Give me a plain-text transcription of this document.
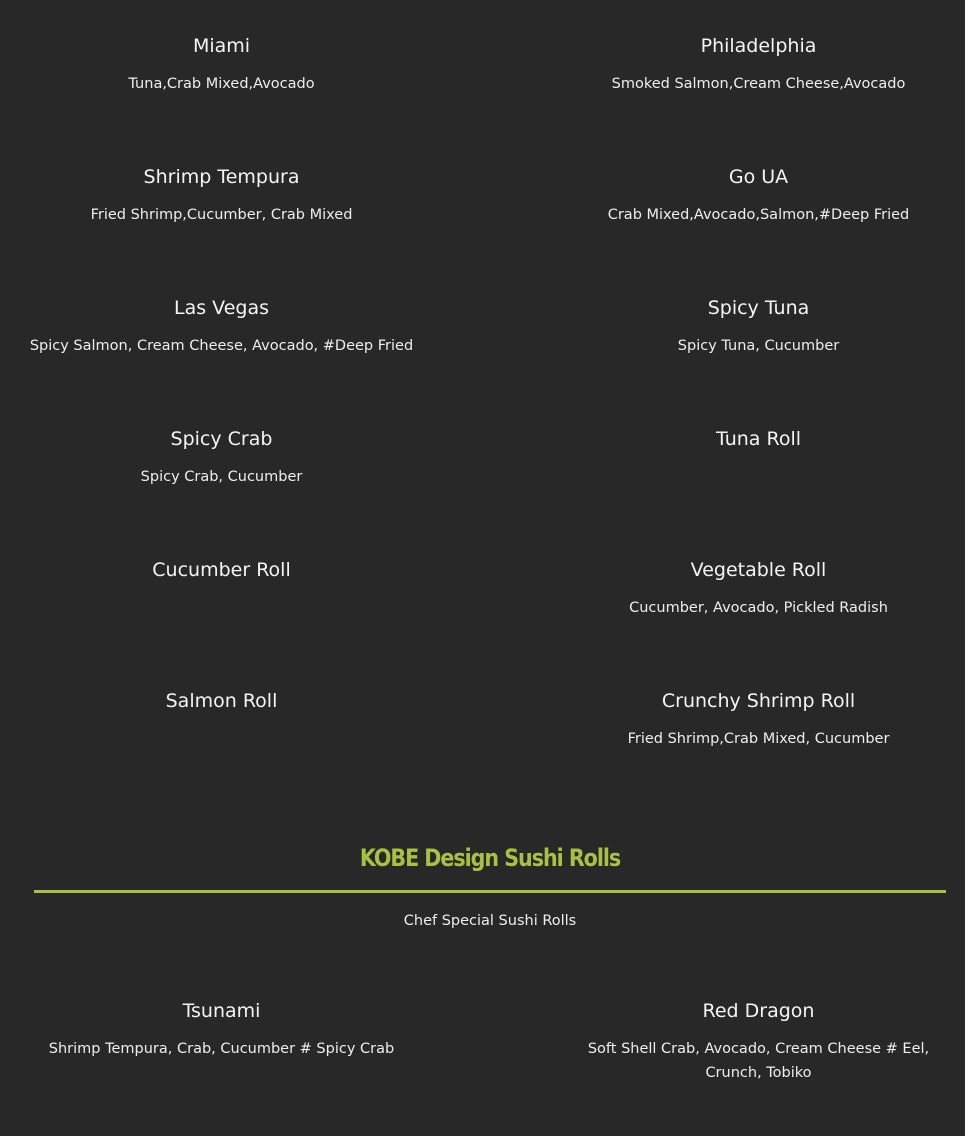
Miami
Tuna,Crab Mixed,Avocado
Philadelphia
Smoked Salmon,Cream Cheese,Avocado
Shrimp Tempura
Fried Shrimp,Cucumber, Crab Mixed
Go UA
Crab Mixed,Avocado,Salmon,#Deep Fried
Las Vegas
Spicy Salmon, Cream Cheese, Avocado, #Deep Fried
Spicy Tuna
Spicy Tuna, Cucumber
Spicy Crab
Spicy Crab, Cucumber
Tuna Roll
Cucumber Roll	Vegetable Roll
Cucumber, Avocado, Pickled Radish
Salmon Roll	Crunchy Shrimp Roll
Fried Shrimp,Crab Mixed, Cucumber
KOBE Design Sushi Rolls
Chef Special Sushi Rolls
Tsunami
Shrimp Tempura, Crab, Cucumber # Spicy Crab
Red Dragon
Soft Shell Crab, Avocado, Cream Cheese # Eel, Crunch, Tobiko
